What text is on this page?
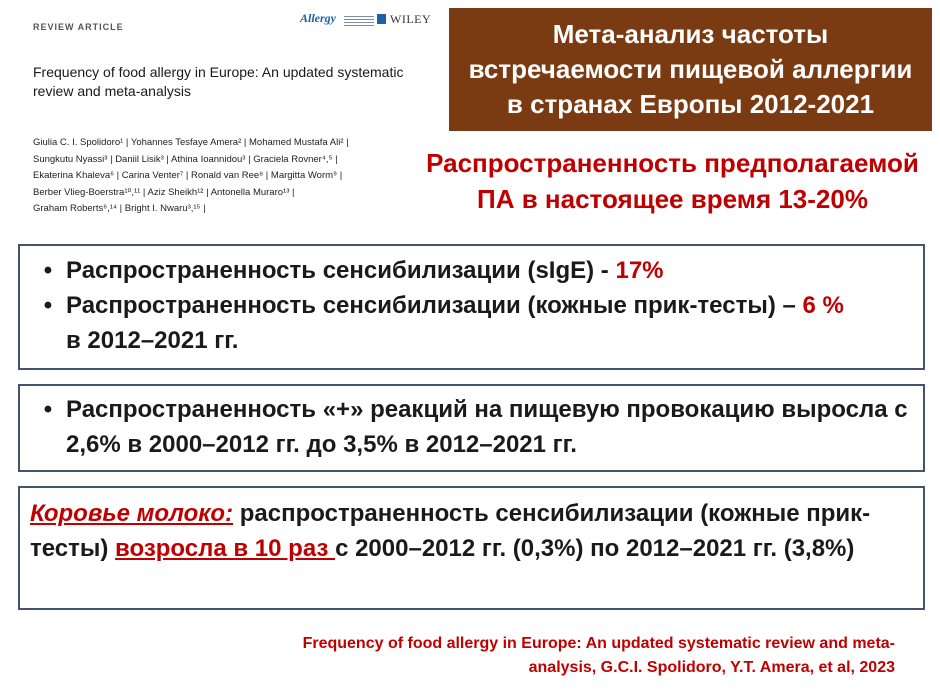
REVIEW ARTICLE
Allergy	WILEY
Frequency of food allergy in Europe: An updated systematic review and meta-analysis
Giulia C. I. Spolidoro¹ | Yohannes Tesfaye Amera² | Mohamed Mustafa Ali² |
Sungkutu Nyassi³ | Daniil Lisik³ | Athina Ioannidou³ | Graciela Rovner⁴,⁵ |
Ekaterina Khaleva⁶ | Carina Venter⁷ | Ronald van Ree⁸ | Margitta Worm⁹ |
Berber Vlieg-Boerstra¹⁰,¹¹ | Aziz Sheikh¹² | Antonella Muraro¹³ |
Graham Roberts⁶,¹⁴ | Bright I. Nwaru³,¹⁵ |
Мета-анализ частоты
встречаемости пищевой аллергии
в странах Европы 2012-2021
Распространенность предполагаемой
ПА в настоящее время 13-20%
• Распространенность сенсибилизации (sIgE) - 17%
• Распространенность сенсибилизации (кожные прик-тесты) – 6 %
в 2012–2021 гг.
• Распространенность «+» реакций на пищевую провокацию выросла с 2,6% в 2000–2012 гг. до 3,5% в 2012–2021 гг.
Коровье молоко: распространенность сенсибилизации (кожные прик-тесты) возросла в 10 раз с 2000–2012 гг. (0,3%) по 2012–2021 гг. (3,8%)
Frequency of food allergy in Europe: An updated systematic review and meta-
analysis, G.C.I. Spolidoro, Y.T. Amera, et al, 2023
